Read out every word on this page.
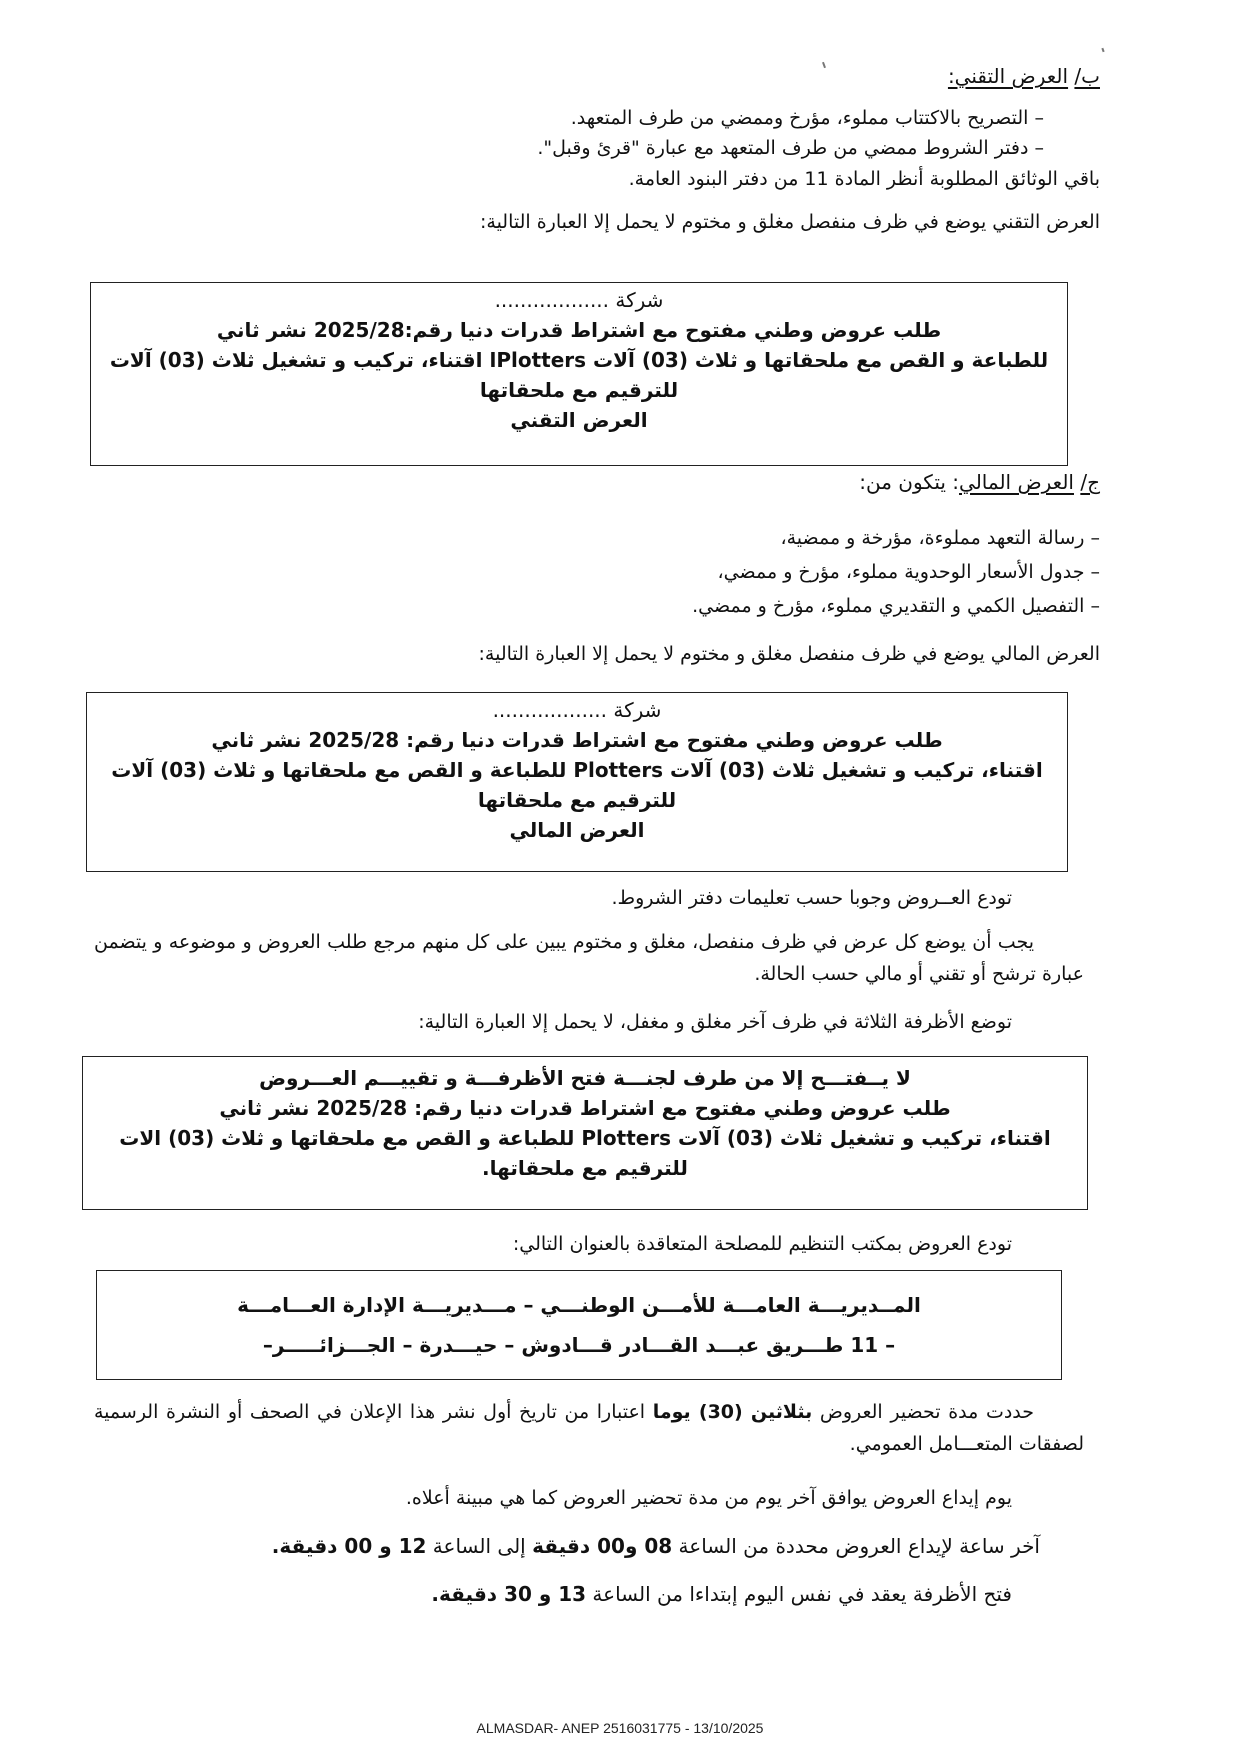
ب/ العرض التقني:
– التصريح بالاكتتاب مملوء، مؤرخ وممضي من طرف المتعهد.
– دفتر الشروط ممضي من طرف المتعهد مع عبارة "قرئ وقبل".
باقي الوثائق المطلوبة أنظر المادة 11 من دفتر البنود العامة.
العرض التقني يوضع في ظرف منفصل مغلق و مختوم لا يحمل إلا العبارة التالية:
شركة ..................
طلب عروض وطني مفتوح مع اشتراط قدرات دنيا رقم:2025/28 نشر ثاني
للطباعة و القص مع ملحقاتها و ثلاث (03) آلات Plottersا اقتناء، تركيب و تشغيل ثلاث (03) آلات
للترقيم مع ملحقاتها
العرض التقني
ج/ العرض المالي: يتكون من:
– رسالة التعهد مملوءة، مؤرخة و ممضية،
– جدول الأسعار الوحدوية مملوء، مؤرخ و ممضي،
– التفصيل الكمي و التقديري مملوء، مؤرخ و ممضي.
العرض المالي يوضع في ظرف منفصل مغلق و مختوم لا يحمل إلا العبارة التالية:
شركة ..................
طلب عروض وطني مفتوح مع اشتراط قدرات دنيا رقم: 2025/28 نشر ثاني
اقتناء، تركيب و تشغيل ثلاث (03) آلات Plotters للطباعة و القص مع ملحقاتها و ثلاث (03) آلات
للترقيم مع ملحقاتها
العرض المالي
تودع العــروض وجوبا حسب تعليمات دفتر الشروط.
يجب أن يوضع كل عرض في ظرف منفصل، مغلق و مختوم يبين على كل منهم مرجع طلب العروض و موضوعه و يتضمن عبارة ترشح أو تقني أو مالي حسب الحالة.
توضع الأظرفة الثلاثة في ظرف آخر مغلق و مغفل، لا يحمل إلا العبارة التالية:
لا يــفتـــح إلا من طرف لجنـــة فتح الأظرفـــة و تقييـــم العـــروض
طلب عروض وطني مفتوح مع اشتراط قدرات دنيا رقم: 2025/28 نشر ثاني
اقتناء، تركيب و تشغيل ثلاث (03) آلات Plotters للطباعة و القص مع ملحقاتها و ثلاث (03) الات
للترقيم مع ملحقاتها.
تودع العروض بمكتب التنظيم للمصلحة المتعاقدة بالعنوان التالي:
المــديريـــة العامـــة للأمـــن الوطنـــي – مـــديريـــة الإدارة العـــامـــة
– 11 طـــريق عبـــد القـــادر قـــادوش – حيـــدرة – الجـــزائـــــر–
حددت مدة تحضير العروض بثلاثين (30) يوما اعتبارا من تاريخ أول نشر هذا الإعلان في الصحف أو النشرة الرسمية لصفقات المتعـــامل العمومي.
يوم إيداع العروض يوافق آخر يوم من مدة تحضير العروض كما هي مبينة أعلاه.
آخر ساعة لإيداع العروض محددة من الساعة 08 و00 دقيقة إلى الساعة 12 و 00 دقيقة.
فتح الأظرفة يعقد في نفس اليوم إبتداءا من الساعة 13 و 30 دقيقة.
ALMASDAR- ANEP 2516031775 - 13/10/2025
